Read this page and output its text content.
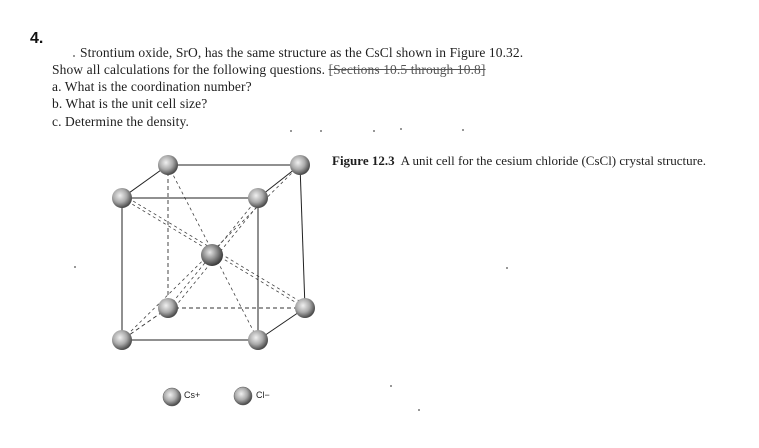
4.
Strontium oxide, SrO, has the same structure as the CsCl shown in Figure 10.32.
Show all calculations for the following questions. [Sections 10.5 through 10.8]
a. What is the coordination number?
b. What is the unit cell size?
c. Determine the density.
Figure 12.3 A unit cell for the cesium chloride (CsCl) crystal structure.
Cs+	Cl−
